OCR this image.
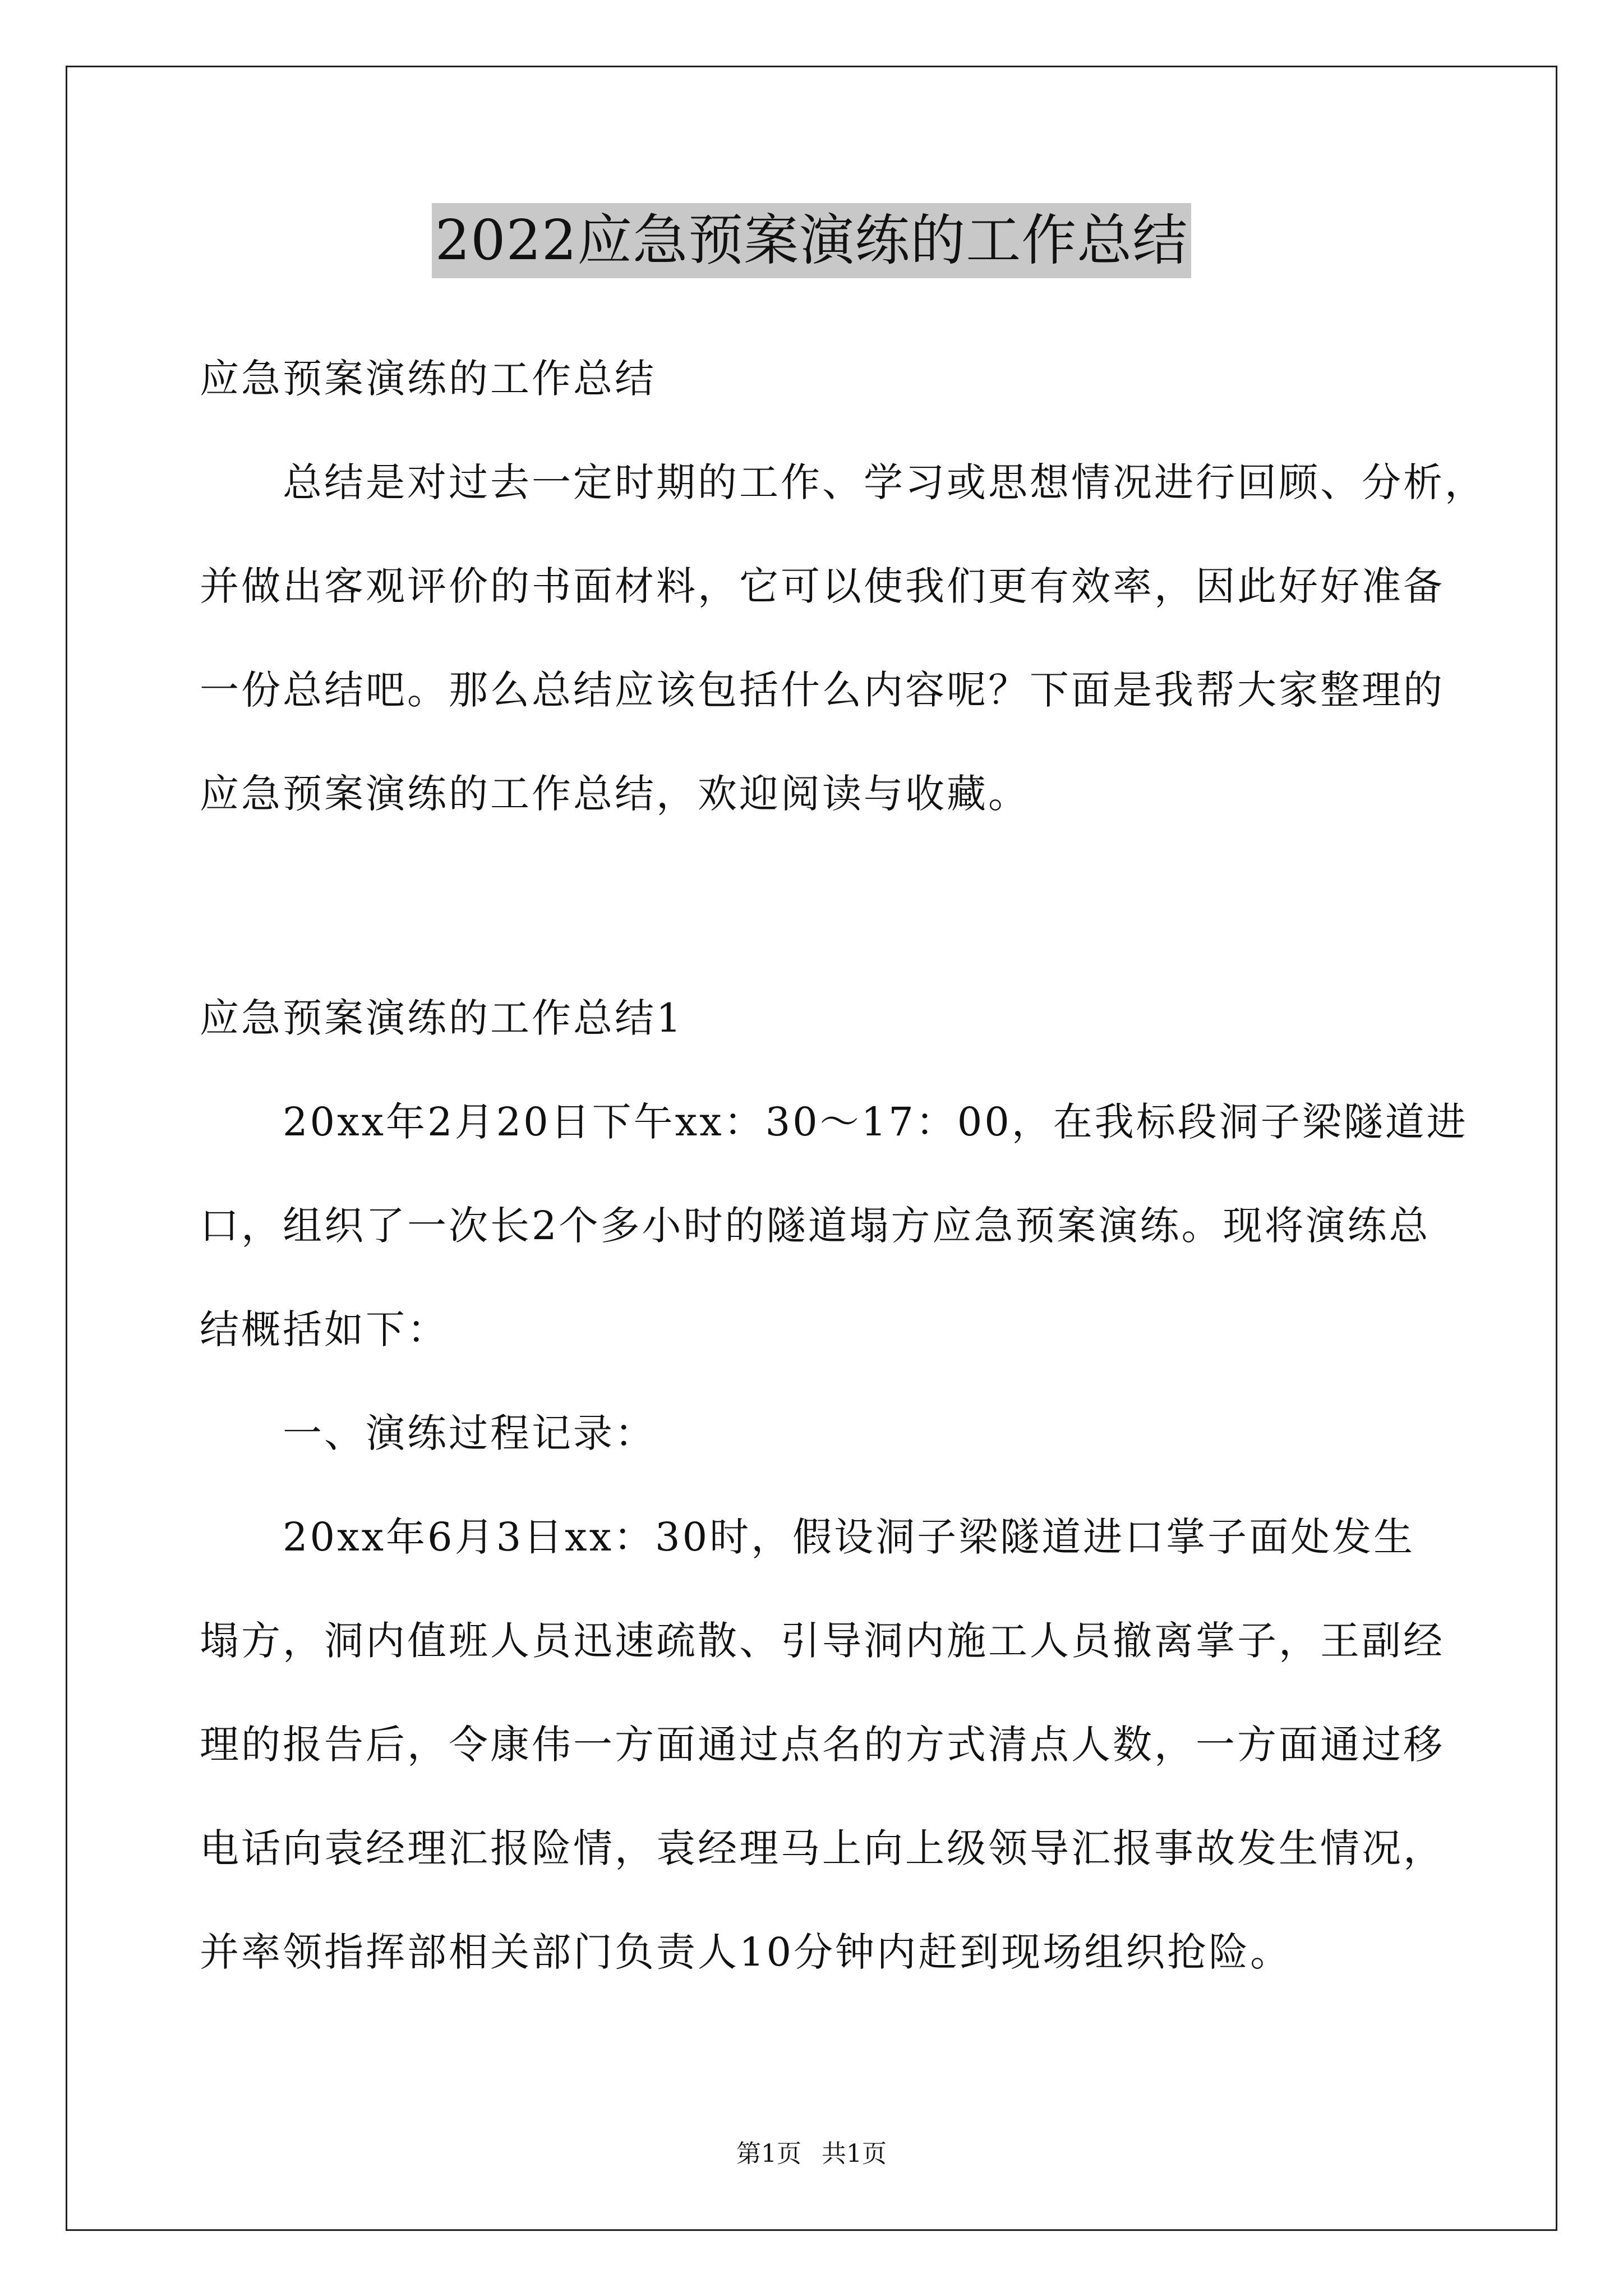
2022应急预案演练的工作总结
应急预案演练的工作总结
　　总结是对过去一定时期的工作、学习或思想情况进行回顾、分析，
并做出客观评价的书面材料，它可以使我们更有效率，因此好好准备
一份总结吧。那么总结应该包括什么内容呢？下面是我帮大家整理的
应急预案演练的工作总结，欢迎阅读与收藏。
应急预案演练的工作总结1
　　20xx年2月20日下午xx：30～17：00，在我标段洞子梁隧道进
口，组织了一次长2个多小时的隧道塌方应急预案演练。现将演练总
结概括如下：
　　一、演练过程记录：
　　20xx年6月3日xx：30时，假设洞子梁隧道进口掌子面处发生
塌方，洞内值班人员迅速疏散、引导洞内施工人员撤离掌子，王副经
理的报告后，令康伟一方面通过点名的方式清点人数，一方面通过移
电话向袁经理汇报险情，袁经理马上向上级领导汇报事故发生情况，
并率领指挥部相关部门负责人10分钟内赶到现场组织抢险。
第1页 共1页
